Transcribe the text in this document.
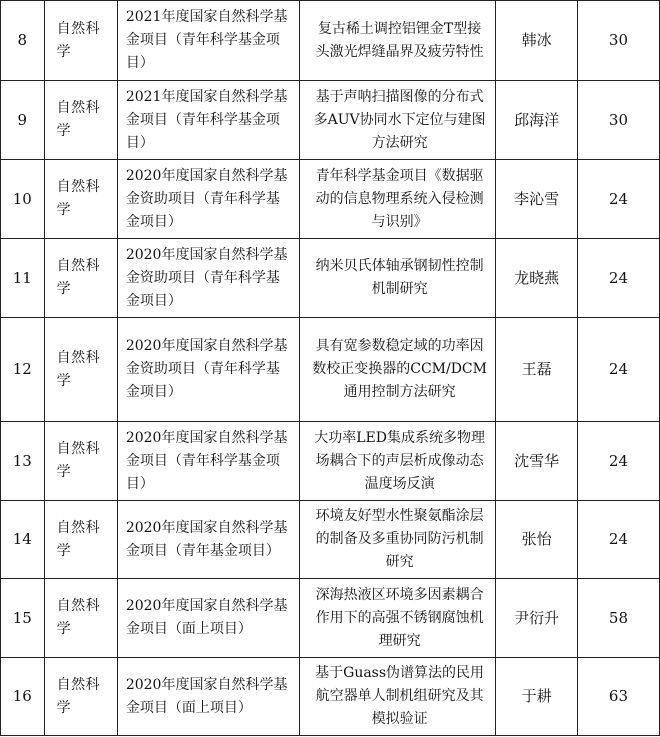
8	自然科学	2021年度国家自然科学基金项目（青年科学基金项目）	复古稀土调控铝锂金T型接头激光焊缝晶界及疲劳特性	韩冰	30
9	自然科学	2021年度国家自然科学基金项目（青年科学基金项目）	基于声呐扫描图像的分布式多AUV协同水下定位与建图方法研究	邱海洋	30
10	自然科学	2020年度国家自然科学基金资助项目（青年科学基金项目）	青年科学基金项目《数据驱动的信息物理系统入侵检测与识别》	李沁雪	24
11	自然科学	2020年度国家自然科学基金资助项目（青年科学基金项目）	纳米贝氏体轴承钢韧性控制机制研究	龙晓燕	24
12	自然科学	2020年度国家自然科学基金资助项目（青年科学基金项目）	具有宽参数稳定域的功率因数校正变换器的CCM/DCM通用控制方法研究	王磊	24
13	自然科学	2020年度国家自然科学基金项目（青年科学基金项目）	大功率LED集成系统多物理场耦合下的声层析成像动态温度场反演	沈雪华	24
14	自然科学	2020年度国家自然科学基金项目（青年基金项目）	环境友好型水性聚氨酯涂层的制备及多重协同防污机制研究	张怡	24
15	自然科学	2020年度国家自然科学基金项目（面上项目）	深海热液区环境多因素耦合作用下的高强不锈钢腐蚀机理研究	尹衍升	58
16	自然科学	2020年度国家自然科学基金项目（面上项目）	基于Guass伪谱算法的民用航空器单人制机组研究及其模拟验证	于耕	63
